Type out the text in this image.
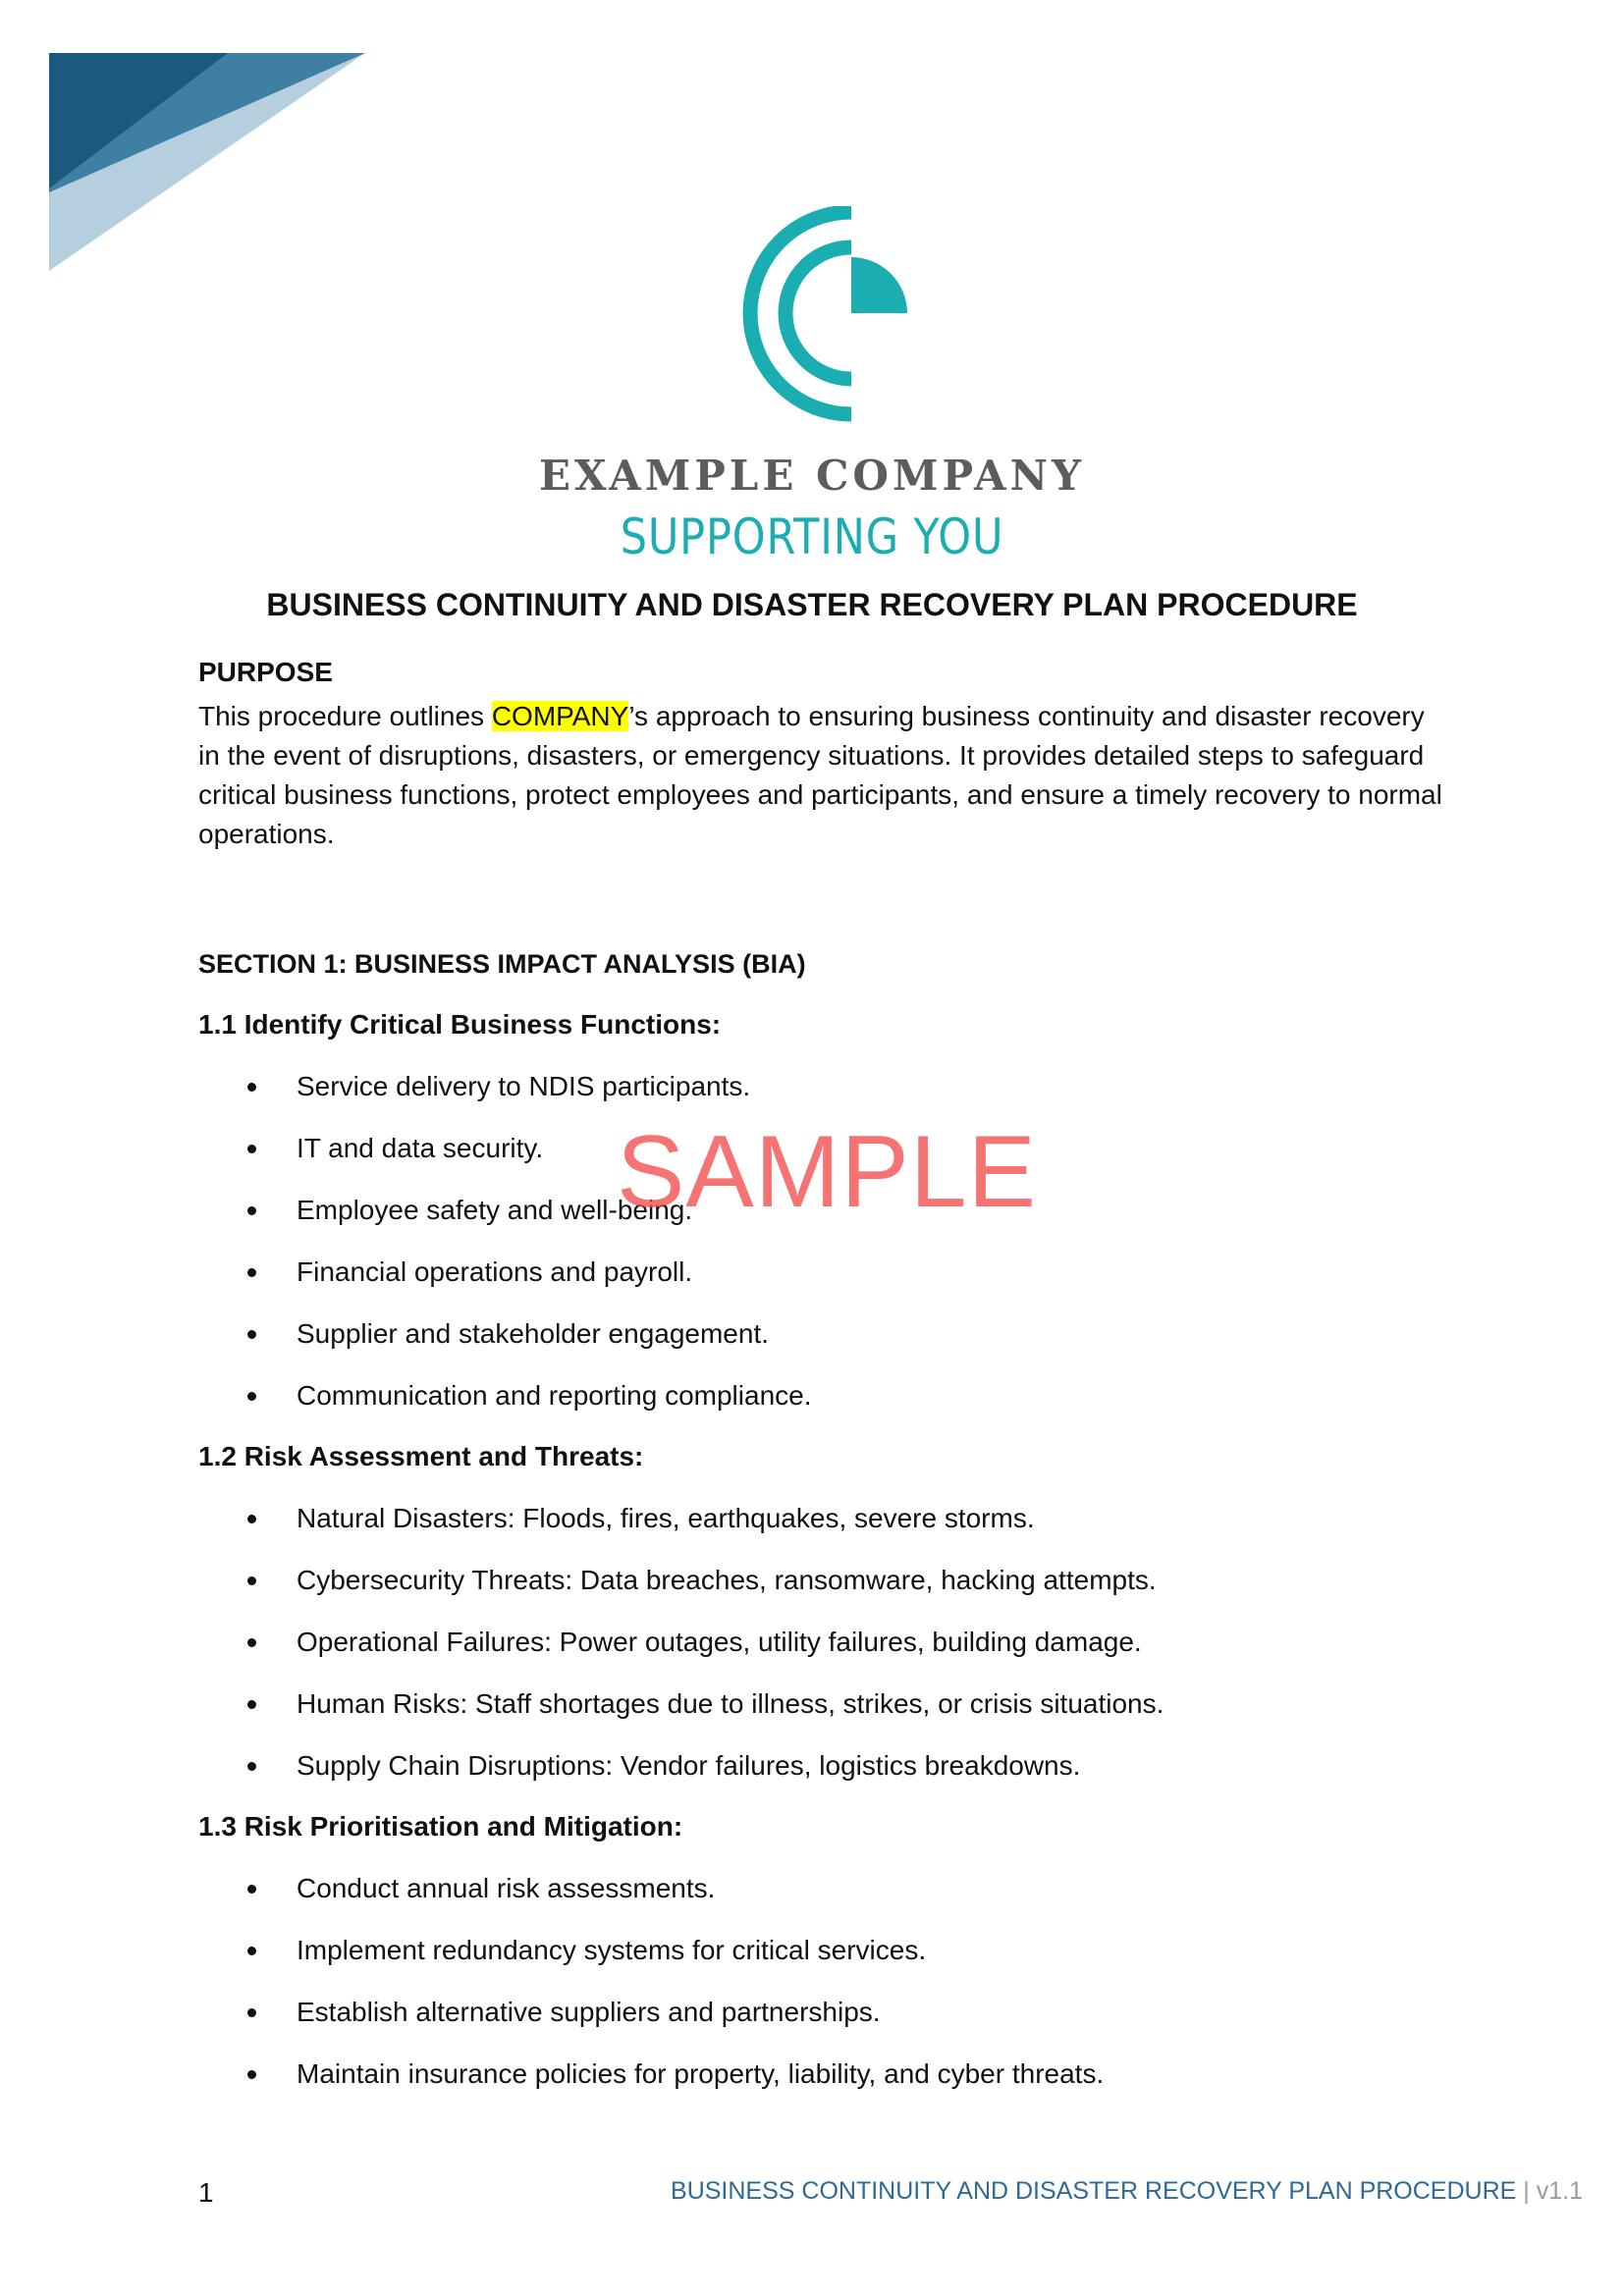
EXAMPLE COMPANY
SUPPORTING YOU
BUSINESS CONTINUITY AND DISASTER RECOVERY PLAN PROCEDURE
PURPOSE

This procedure outlines COMPANY’s approach to ensuring business continuity and disaster recovery in the event of disruptions, disasters, or emergency situations. It provides detailed steps to safeguard critical business functions, protect employees and participants, and ensure a timely recovery to normal operations.

SECTION 1: BUSINESS IMPACT ANALYSIS (BIA)
1.1 Identify Critical Business Functions:
Service delivery to NDIS participants.
IT and data security.
Employee safety and well-being.
Financial operations and payroll.
Supplier and stakeholder engagement.
Communication and reporting compliance.
1.2 Risk Assessment and Threats:
Natural Disasters: Floods, fires, earthquakes, severe storms.
Cybersecurity Threats: Data breaches, ransomware, hacking attempts.
Operational Failures: Power outages, utility failures, building damage.
Human Risks: Staff shortages due to illness, strikes, or crisis situations.
Supply Chain Disruptions: Vendor failures, logistics breakdowns.
1.3 Risk Prioritisation and Mitigation:
Conduct annual risk assessments.
Implement redundancy systems for critical services.
Establish alternative suppliers and partnerships.
Maintain insurance policies for property, liability, and cyber threats.
SAMPLE
1	BUSINESS CONTINUITY AND DISASTER RECOVERY PLAN PROCEDURE | v1.1
